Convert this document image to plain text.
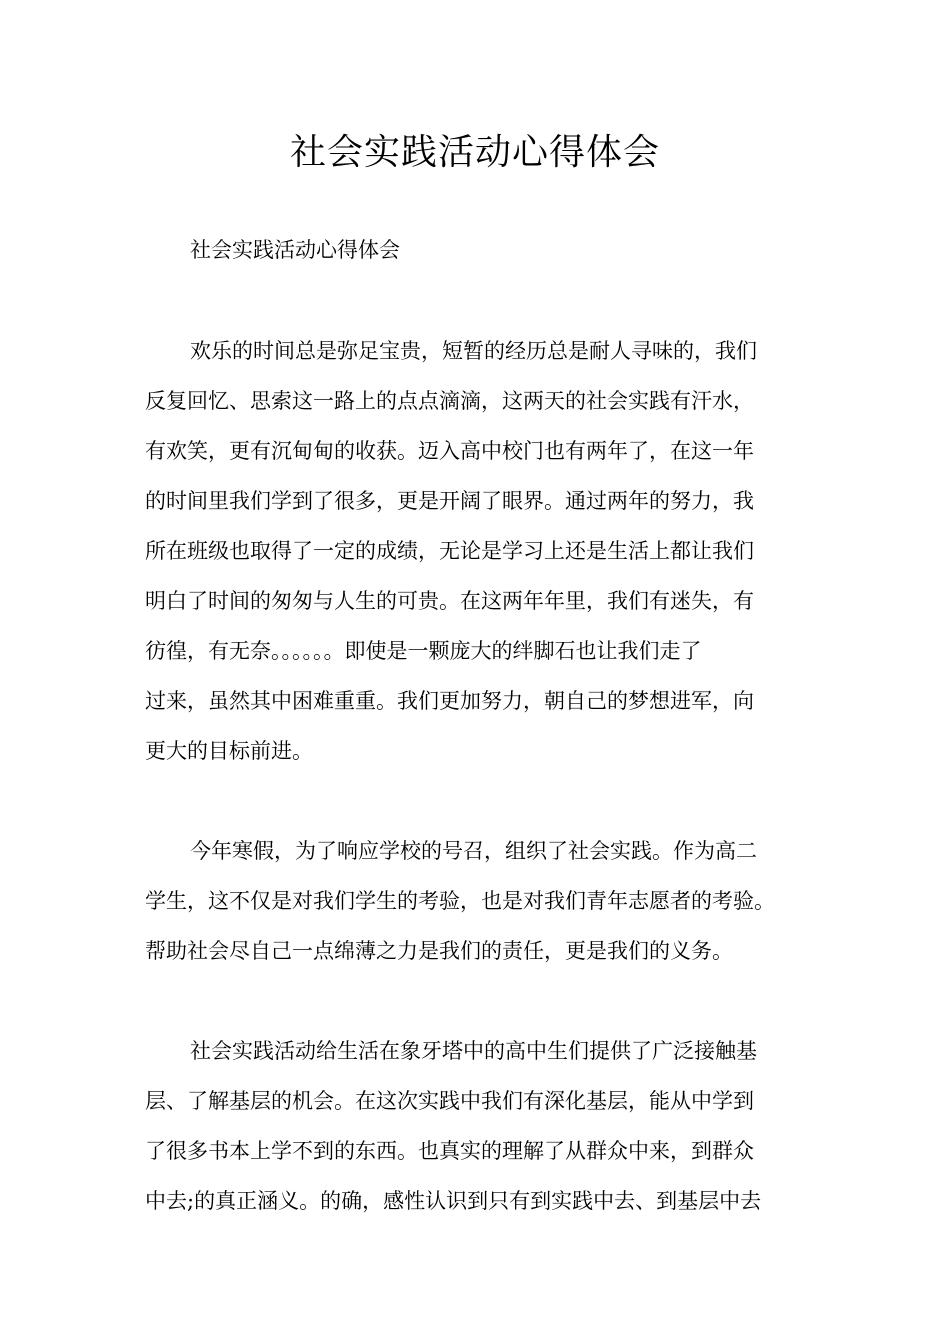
社会实践活动心得体会

社会实践活动心得体会

欢乐的时间总是弥足宝贵，短暂的经历总是耐人寻味的，我们
反复回忆、思索这一路上的点点滴滴，这两天的社会实践有汗水，
有欢笑，更有沉甸甸的收获。迈入高中校门也有两年了，在这一年
的时间里我们学到了很多，更是开阔了眼界。通过两年的努力，我
所在班级也取得了一定的成绩，无论是学习上还是生活上都让我们
明白了时间的匆匆与人生的可贵。在这两年年里，我们有迷失，有
彷徨，有无奈。。。。。。即使是一颗庞大的绊脚石也让我们走了
过来，虽然其中困难重重。我们更加努力，朝自己的梦想进军，向
更大的目标前进。
今年寒假，为了响应学校的号召，组织了社会实践。作为高二
学生，这不仅是对我们学生的考验，也是对我们青年志愿者的考验。
帮助社会尽自己一点绵薄之力是我们的责任，更是我们的义务。
社会实践活动给生活在象牙塔中的高中生们提供了广泛接触基
层、了解基层的机会。在这次实践中我们有深化基层，能从中学到
了很多书本上学不到的东西。也真实的理解了从群众中来，到群众
中去;的真正涵义。的确，感性认识到只有到实践中去、到基层中去
